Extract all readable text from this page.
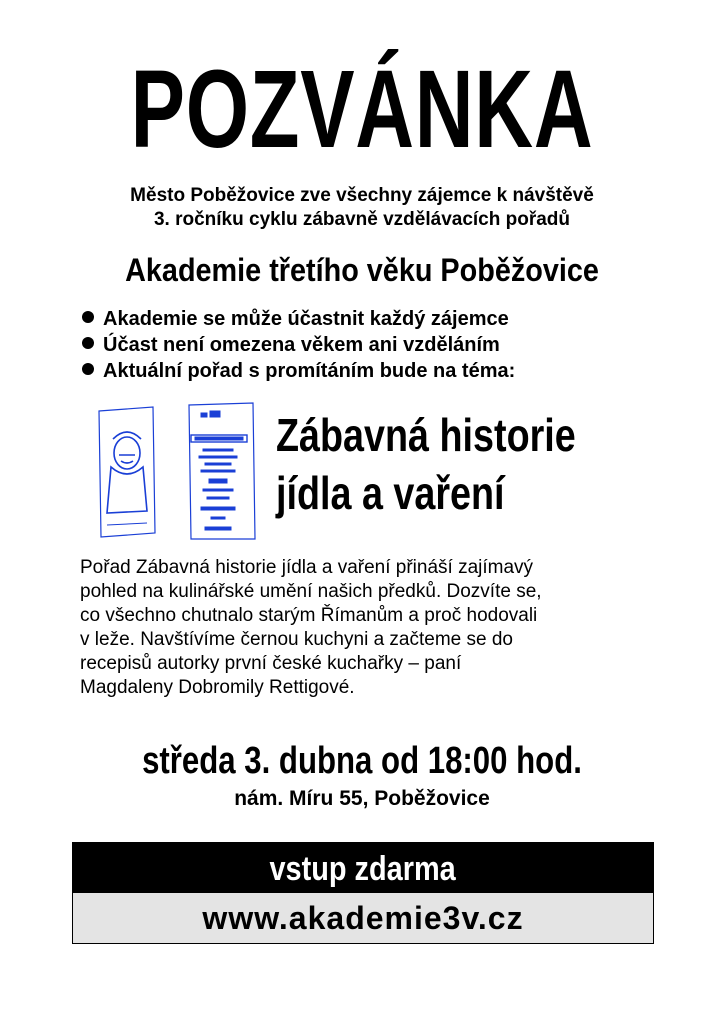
POZVÁNKA
Město Poběžovice zve všechny zájemce k návštěvě
3. ročníku cyklu zábavně vzdělávacích pořadů
Akademie třetího věku Poběžovice
Akademie se může účastnit každý zájemce
Účast není omezena věkem ani vzděláním
Aktuální pořad s promítáním bude na téma:
Zábavná historie
jídla a vaření
Pořad Zábavná historie jídla a vaření přináší zajímavý
pohled na kulinářské umění našich předků. Dozvíte se,
co všechno chutnalo starým Římanům a proč hodovali
v leže. Navštívíme černou kuchyni a začteme se do
recepisů autorky první české kuchařky – paní
Magdaleny Dobromily Rettigové.
středa 3. dubna od 18:00 hod.
nám. Míru 55, Poběžovice
vstup zdarma
www.akademie3v.cz
